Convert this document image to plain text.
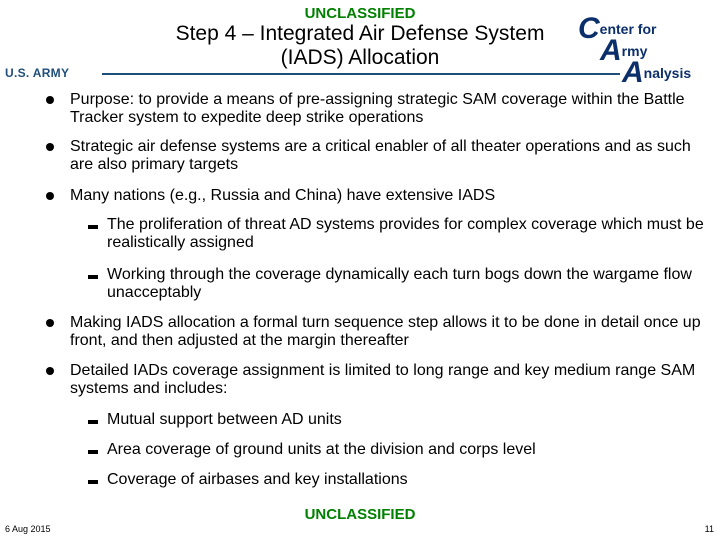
UNCLASSIFIED
Step 4 – Integrated Air Defense System
(IADS) Allocation
Center for
Army
Analysis
U.S. ARMY
Purpose: to provide a means of pre-assigning strategic SAM coverage within the Battle Tracker system to expedite deep strike operations
Strategic air defense systems are a critical enabler of all theater operations and as such are also primary targets
Many nations (e.g., Russia and China) have extensive IADS
The proliferation of threat AD systems provides for complex coverage which must be realistically assigned
Working through the coverage dynamically each turn bogs down the wargame flow unacceptably
Making IADS allocation a formal turn sequence step allows it to be done in detail once up front, and then adjusted at the margin thereafter
Detailed IADs coverage assignment is limited to long range and key medium range SAM systems and includes:
Mutual support between AD units
Area coverage of ground units at the division and corps level
Coverage of airbases and key installations
UNCLASSIFIED
6 Aug 2015	11
